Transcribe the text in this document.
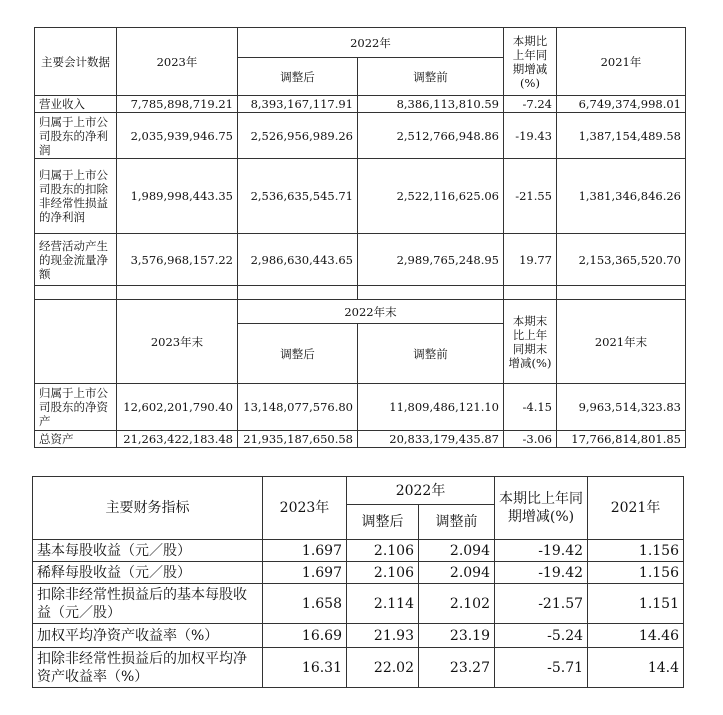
主要会计数据	2023年	2022年		本期比上年同期增减(%)	2021年
		调整后	调整前		
营业收入	7,785,898,719.21	8,393,167,117.91	8,386,113,810.59	-7.24	6,749,374,998.01
归属于上市公司股东的净利润	2,035,939,946.75	2,526,956,989.26	2,512,766,948.86	-19.43	1,387,154,489.58
归属于上市公司股东的扣除非经常性损益的净利润	1,989,998,443.35	2,536,635,545.71	2,522,116,625.06	-21.55	1,381,346,846.26
经营活动产生的现金流量净额	3,576,968,157.22	2,986,630,443.65	2,989,765,248.95	19.77	2,153,365,520.70

	2023年末	2022年末		本期末比上年同期末增减(%)	2021年末
		调整后	调整前		
归属于上市公司股东的净资产	12,602,201,790.40	13,148,077,576.80	11,809,486,121.10	-4.15	9,963,514,323.83
总资产	21,263,422,183.48	21,935,187,650.58	20,833,179,435.87	-3.06	17,766,814,801.85
主要财务指标	2023年	2022年		本期比上年同期增减(%)	2021年
		调整后	调整前		
基本每股收益（元／股）	1.697	2.106	2.094	-19.42	1.156
稀释每股收益（元／股）	1.697	2.106	2.094	-19.42	1.156
扣除非经常性损益后的基本每股收益（元／股）	1.658	2.114	2.102	-21.57	1.151
加权平均净资产收益率（%）	16.69	21.93	23.19	-5.24	14.46
扣除非经常性损益后的加权平均净资产收益率（%）	16.31	22.02	23.27	-5.71	14.4
